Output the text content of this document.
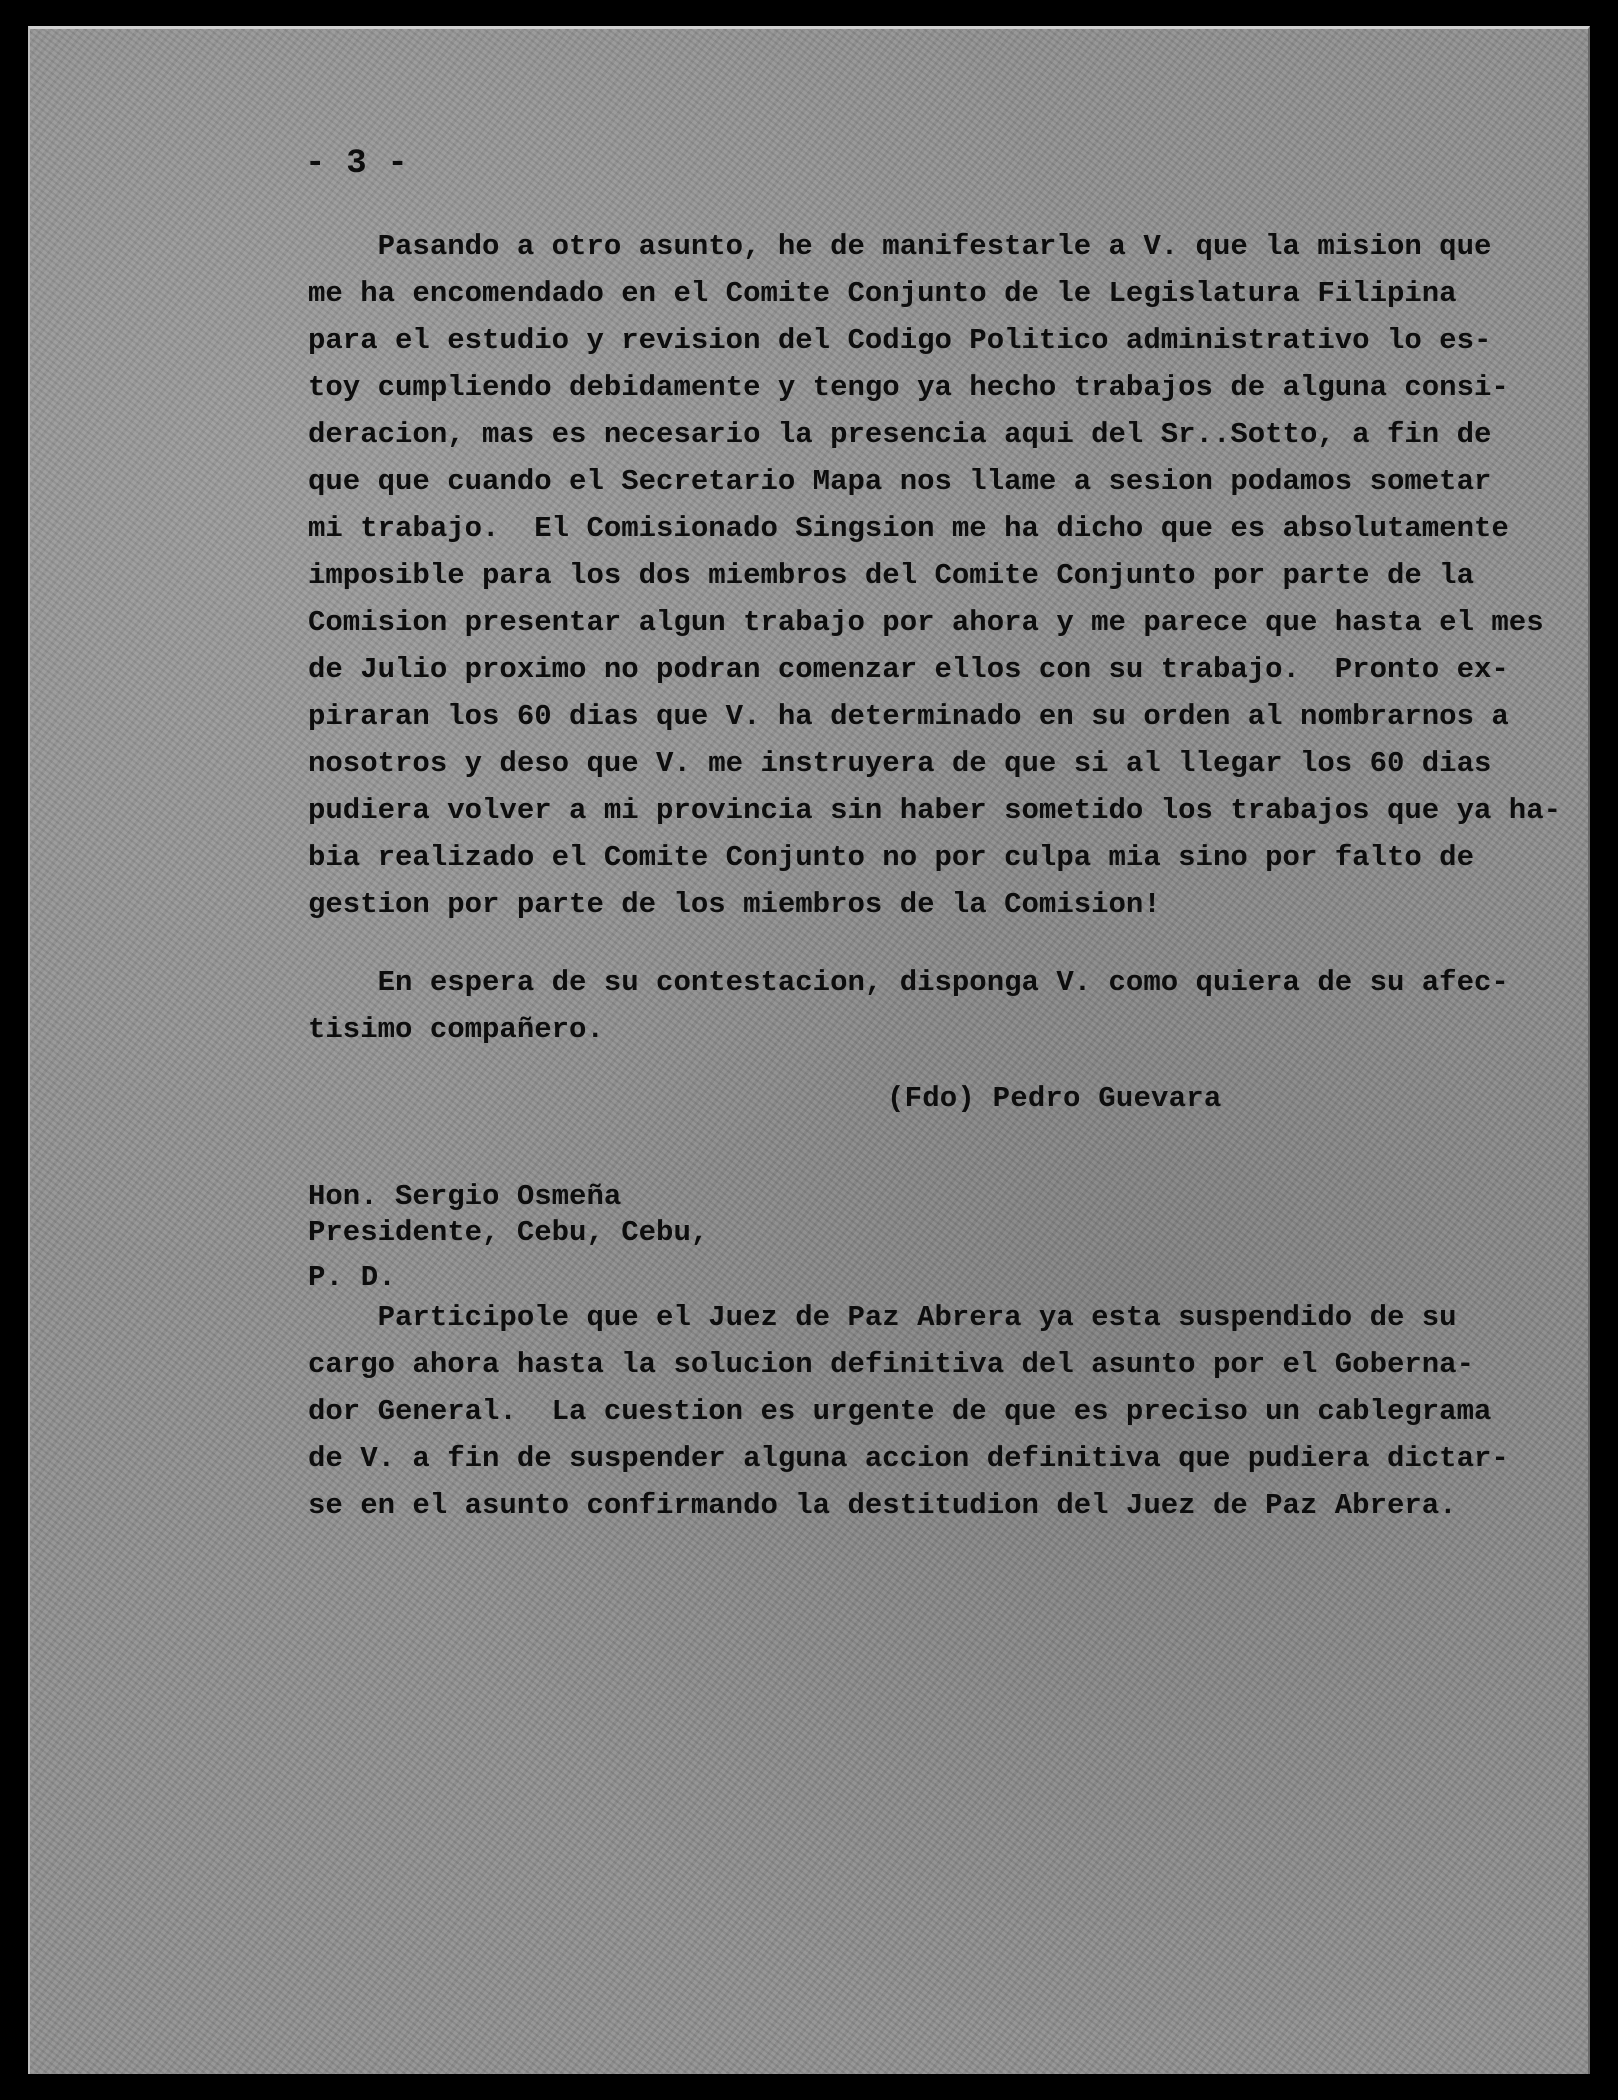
- 3 -
Pasando a otro asunto, he de manifestarle a V. que la mision que
me ha encomendado en el Comite Conjunto de le Legislatura Filipina
para el estudio y revision del Codigo Politico administrativo lo es-
toy cumpliendo debidamente y tengo ya hecho trabajos de alguna consi-
deracion, mas es necesario la presencia aqui del Sr..Sotto, a fin de
que que cuando el Secretario Mapa nos llame a sesion podamos sometar
mi trabajo.  El Comisionado Singsion me ha dicho que es absolutamente
imposible para los dos miembros del Comite Conjunto por parte de la
Comision presentar algun trabajo por ahora y me parece que hasta el mes
de Julio proximo no podran comenzar ellos con su trabajo.  Pronto ex-
piraran los 60 dias que V. ha determinado en su orden al nombrarnos a
nosotros y deso que V. me instruyera de que si al llegar los 60 dias
pudiera volver a mi provincia sin haber sometido los trabajos que ya ha-
bia realizado el Comite Conjunto no por culpa mia sino por falto de
gestion por parte de los miembros de la Comision!
En espera de su contestacion, disponga V. como quiera de su afec-
tisimo compañero.
(Fdo) Pedro Guevara
Hon. Sergio Osmeña
Presidente, Cebu, Cebu,
P. D.
Participole que el Juez de Paz Abrera ya esta suspendido de su
cargo ahora hasta la solucion definitiva del asunto por el Goberna-
dor General.  La cuestion es urgente de que es preciso un cablegrama
de V. a fin de suspender alguna accion definitiva que pudiera dictar-
se en el asunto confirmando la destitudion del Juez de Paz Abrera.
